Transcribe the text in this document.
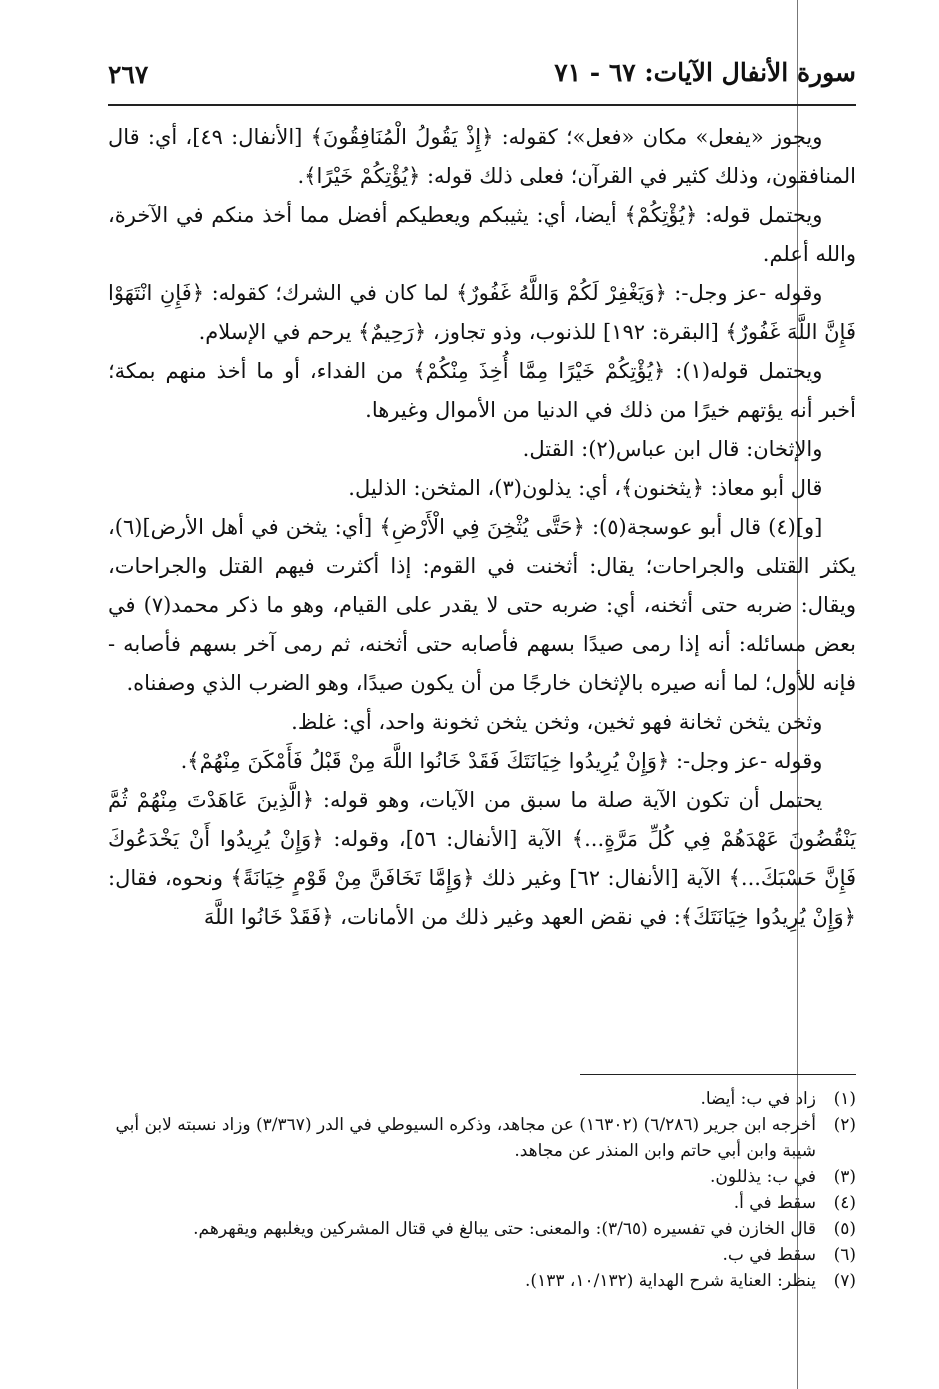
سورة الأنفال الآيات: ٦٧ - ٧١
٢٦٧

ويجوز «يفعل» مكان «فعل»؛ كقوله: ﴿إِذْ يَقُولُ الْمُنَافِقُونَ﴾ [الأنفال: ٤٩]، أي: قال المنافقون، وذلك كثير في القرآن؛ فعلى ذلك قوله: ﴿يُؤْتِكُمْ خَيْرًا﴾.

ويحتمل قوله: ﴿يُؤْتِكُمْ﴾ أيضا، أي: يثيبكم ويعطيكم أفضل مما أخذ منكم في الآخرة، والله أعلم.

وقوله -عز وجل-: ﴿وَيَغْفِرْ لَكُمْ وَاللَّهُ غَفُورٌ﴾ لما كان في الشرك؛ كقوله: ﴿فَإِنِ انْتَهَوْا فَإِنَّ اللَّهَ غَفُورٌ﴾ [البقرة: ١٩٢] للذنوب، وذو تجاوز، ﴿رَحِيمٌ﴾ يرحم في الإسلام.

ويحتمل قوله(١): ﴿يُؤْتِكُمْ خَيْرًا مِمَّا أُخِذَ مِنْكُمْ﴾ من الفداء، أو ما أخذ منهم بمكة؛ أخبر أنه يؤتهم خيرًا من ذلك في الدنيا من الأموال وغيرها.

والإثخان: قال ابن عباس(٢): القتل.

قال أبو معاذ: ﴿يثخنون﴾، أي: يذلون(٣)، المثخن: الذليل.

[و](٤) قال أبو عوسجة(٥): ﴿حَتَّى يُثْخِنَ فِي الْأَرْضِ﴾ [أي: يثخن في أهل الأرض](٦)، يكثر القتلى والجراحات؛ يقال: أثخنت في القوم: إذا أكثرت فيهم القتل والجراحات، ويقال: ضربه حتى أثخنه، أي: ضربه حتى لا يقدر على القيام، وهو ما ذكر محمد(٧) في بعض مسائله: أنه إذا رمى صيدًا بسهم فأصابه حتى أثخنه، ثم رمى آخر بسهم فأصابه - فإنه للأول؛ لما أنه صيره بالإثخان خارجًا من أن يكون صيدًا، وهو الضرب الذي وصفناه.

وثخن يثخن ثخانة فهو ثخين، وثخن يثخن ثخونة واحد، أي: غلظ.

وقوله -عز وجل-: ﴿وَإِنْ يُرِيدُوا خِيَانَتَكَ فَقَدْ خَانُوا اللَّهَ مِنْ قَبْلُ فَأَمْكَنَ مِنْهُمْ﴾.

يحتمل أن تكون الآية صلة ما سبق من الآيات، وهو قوله: ﴿الَّذِينَ عَاهَدْتَ مِنْهُمْ ثُمَّ يَنْقُضُونَ عَهْدَهُمْ فِي كُلِّ مَرَّةٍ...﴾ الآية [الأنفال: ٥٦]، وقوله: ﴿وَإِنْ يُرِيدُوا أَنْ يَخْدَعُوكَ فَإِنَّ حَسْبَكَ...﴾ الآية [الأنفال: ٦٢] وغير ذلك ﴿وَإِمَّا تَخَافَنَّ مِنْ قَوْمٍ خِيَانَةً﴾ ونحوه، فقال: ﴿وَإِنْ يُرِيدُوا خِيَانَتَكَ﴾: في نقض العهد وغير ذلك من الأمانات، ﴿فَقَدْ خَانُوا اللَّهَ

(١)زاد في ب: أيضا.

(٢)أخرجه ابن جرير (٦/٢٨٦) (١٦٣٠٢) عن مجاهد، وذكره السيوطي في الدر (٣/٣٦٧) وزاد نسبته لابن أبي شيبة وابن أبي حاتم وابن المنذر عن مجاهد.

(٣)في ب: يذللون.

(٤)سقط في أ.

(٥)قال الخازن في تفسيره (٣/٦٥): والمعنى: حتى يبالغ في قتال المشركين ويغلبهم ويقهرهم.

(٦)سقط في ب.

(٧)ينظر: العناية شرح الهداية (١٠/١٣٢، ١٣٣).
